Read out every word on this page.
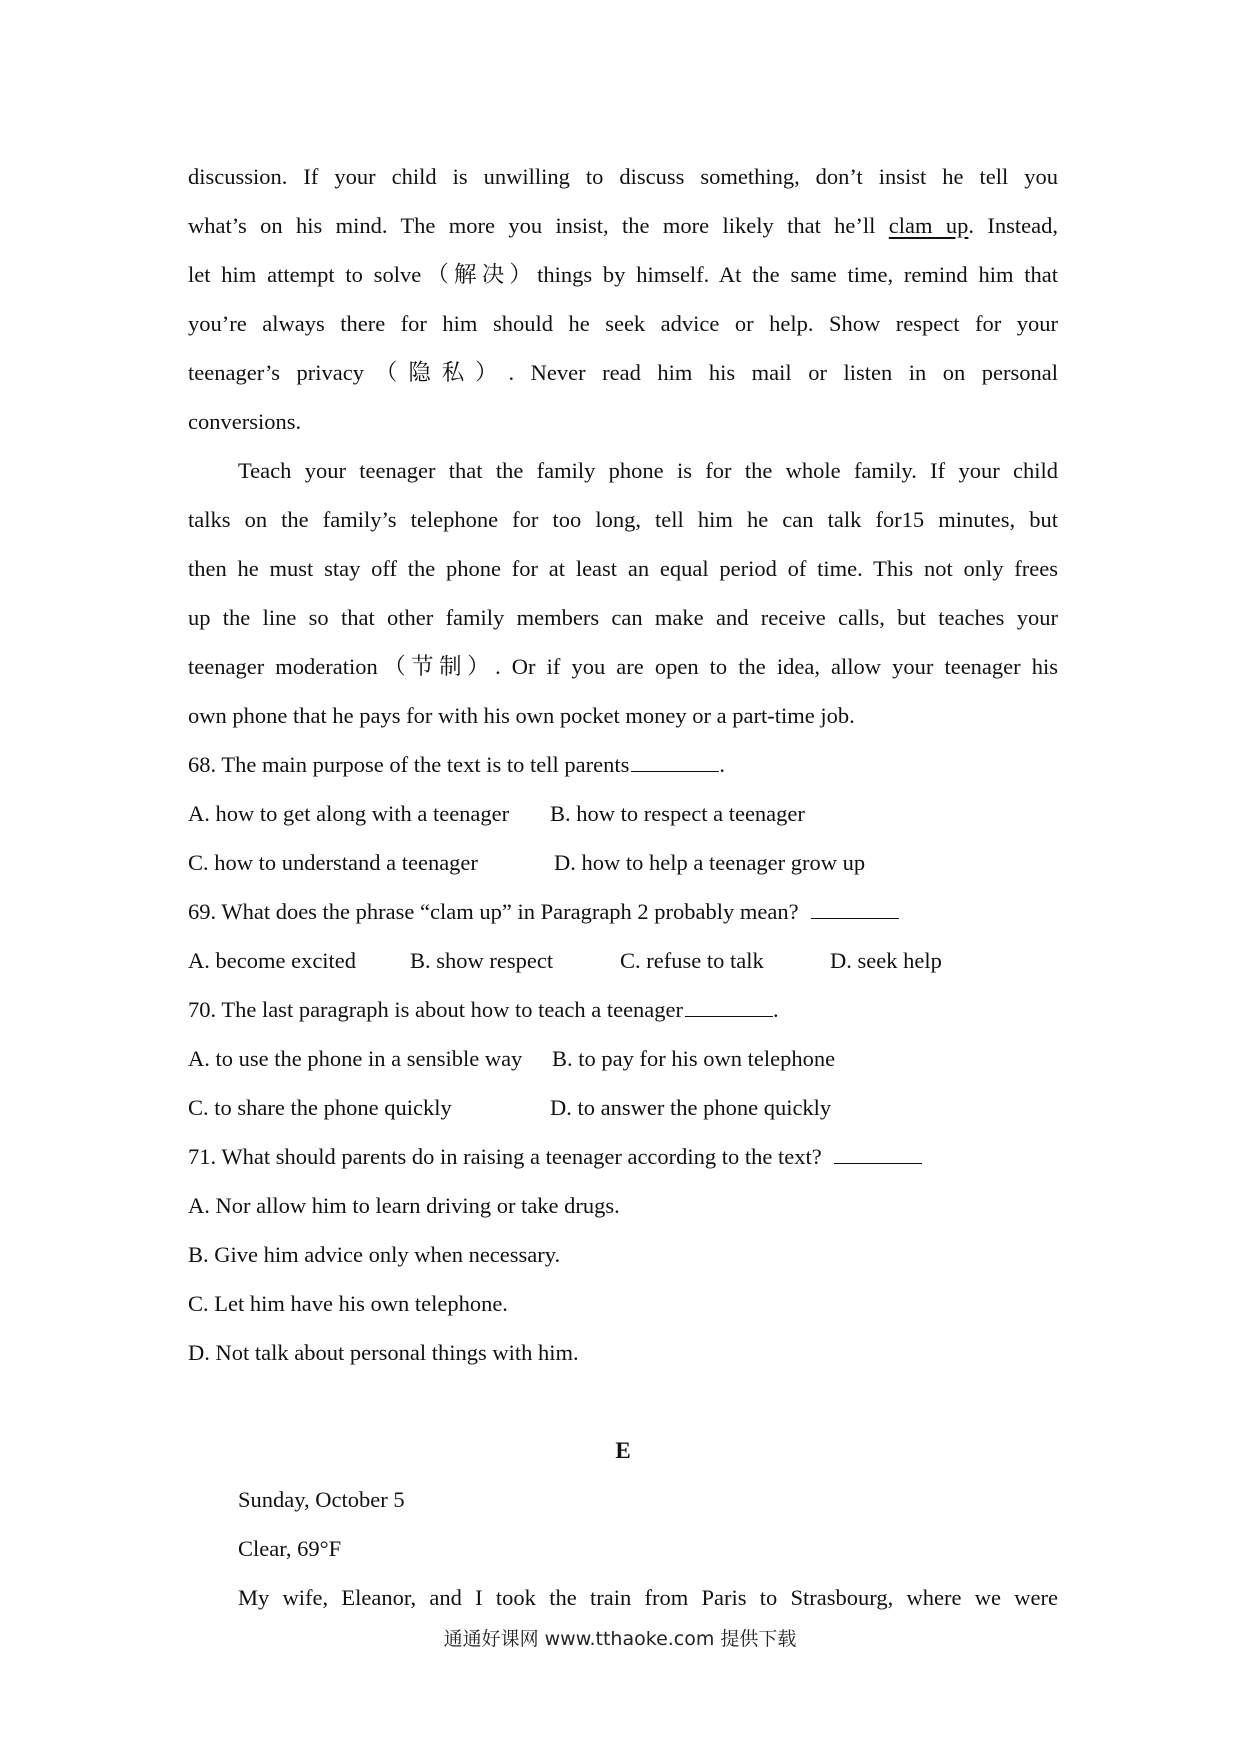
discussion. If your child is unwilling to discuss something, don’t insist he tell you
what’s on his mind. The more you insist, the more likely that he’ll clam up. Instead,
let him attempt to solve（解决）things by himself. At the same time, remind him that
you’re always there for him should he seek advice or help. Show respect for your
teenager’s privacy（隐私）. Never read him his mail or listen in on personal
conversions.
Teach your teenager that the family phone is for the whole family. If your child
talks on the family’s telephone for too long, tell him he can talk for15 minutes, but
then he must stay off the phone for at least an equal period of time. This not only frees
up the line so that other family members can make and receive calls, but teaches your
teenager moderation（节制）. Or if you are open to the idea, allow your teenager his
own phone that he pays for with his own pocket money or a part-time job.
68. The main purpose of the text is to tell parents	.
A. how to get along with a teenager	B. how to respect a teenager
C. how to understand a teenager	D. how to help a teenager grow up
69. What does the phrase “clam up” in Paragraph 2 probably mean?
A. become excited	B. show respect	C. refuse to talk	D. seek help
70. The last paragraph is about how to teach a teenager	.
A. to use the phone in a sensible way	B. to pay for his own telephone
C. to share the phone quickly	D. to answer the phone quickly
71. What should parents do in raising a teenager according to the text?
A. Nor allow him to learn driving or take drugs.
B. Give him advice only when necessary.
C. Let him have his own telephone.
D. Not talk about personal things with him.
E
Sunday, October 5
Clear, 69°F
My wife, Eleanor, and I took the train from Paris to Strasbourg, where we were
通通好课网 www.tthaoke.com 提供下载
